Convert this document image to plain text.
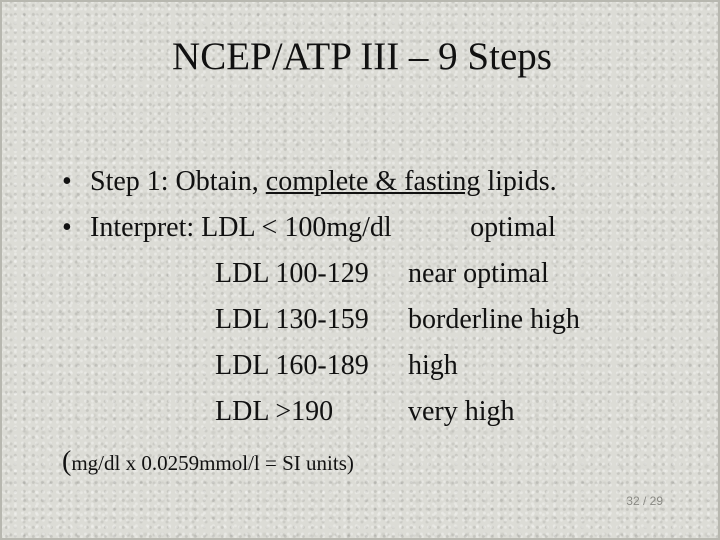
NCEP/ATP III – 9 Steps
• Step 1: Obtain, complete & fasting lipids.
• Interpret: LDL < 100mg/dl	optimal
LDL 100-129 near optimal
LDL 130-159 borderline high
LDL 160-189 high
LDL >190	very high
(mg/dl x 0.0259mmol/l = SI units)
32 / 29
